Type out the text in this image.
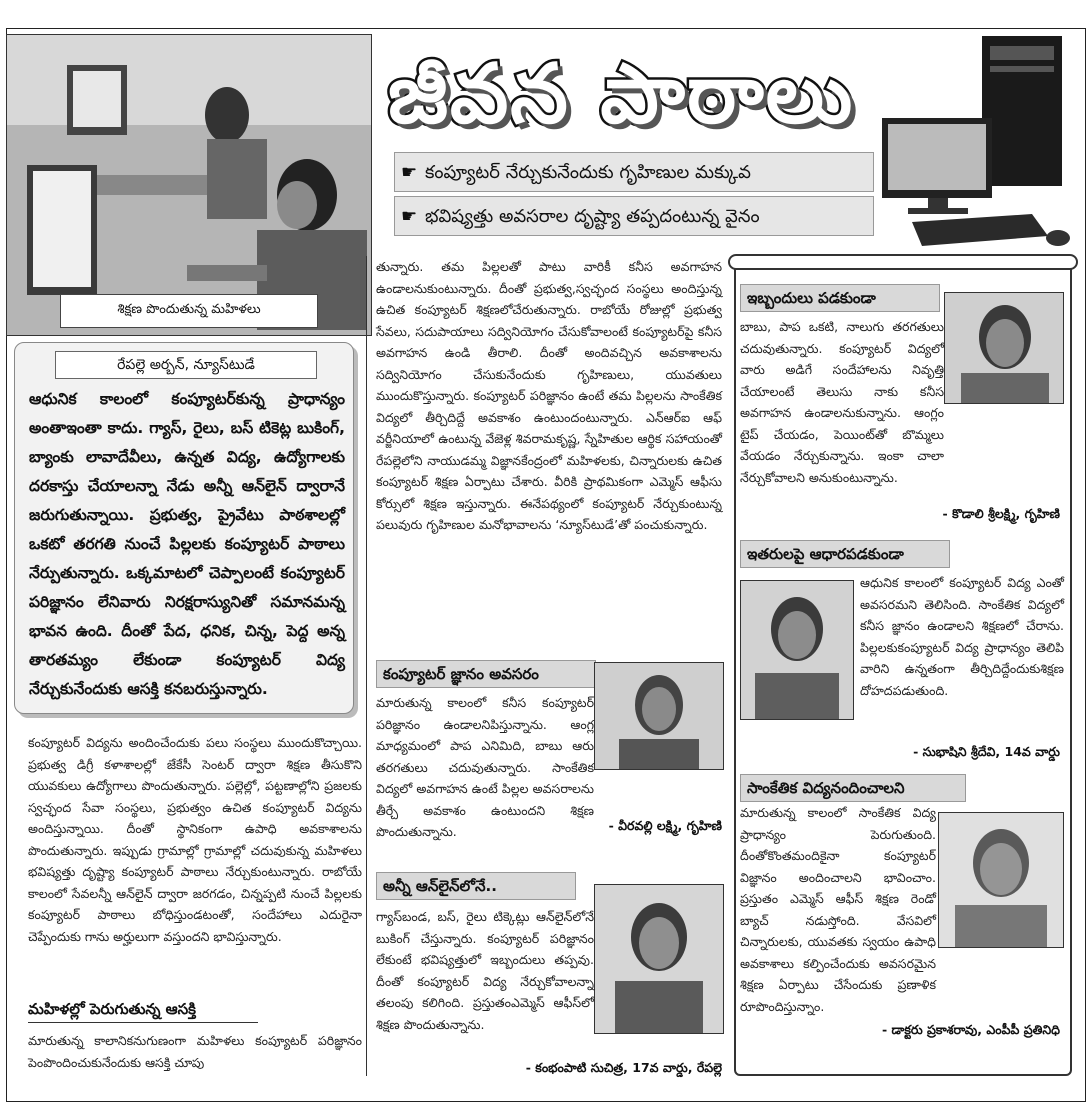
శిక్షణ పొందుతున్న మహిళలు
జీవన పాఠాలు
☛ కంప్యూటర్ నేర్చుకునేందుకు గృహిణుల మక్కువ
☛ భవిష్యత్తు అవసరాల దృష్ట్యా తప్పదంటున్న వైనం
రేపల్లె అర్బన్, న్యూస్‌టుడే

ఆధునిక కాలంలో కంప్యూటర్‌కున్న ప్రాధాన్యం అంతాఇంతా కాదు. గ్యాస్, రైలు, బస్ టికెట్ల బుకింగ్, బ్యాంకు లావాదేవీలు, ఉన్నత విద్య, ఉద్యోగాలకు దరకాస్తు చేయాలన్నా నేడు అన్నీ ఆన్‌లైన్ ద్వారానే జరుగుతున్నాయి. ప్రభుత్వ, ప్రైవేటు పాఠశాలల్లో ఒకటో తరగతి నుంచే పిల్లలకు కంప్యూటర్ పాఠాలు నేర్పుతున్నారు. ఒక్కమాటలో చెప్పాలంటే కంప్యూటర్ పరిజ్ఞానం లేనివారు నిరక్షరాస్యునితో సమానమన్న భావన ఉంది. దీంతో పేద, ధనిక, చిన్న, పెద్ద అన్న తారతమ్యం లేకుండా కంప్యూటర్ విద్య నేర్చుకునేందుకు ఆసక్తి కనబరుస్తున్నారు.

కంప్యూటర్ విద్యను అందించేందుకు పలు సంస్థలు ముందుకొచ్చాయి. ప్రభుత్వ డిగ్రీ కళాశాలల్లో జేకేసీ సెంటర్ ద్వారా శిక్షణ తీసుకొని యువకులు ఉద్యోగాలు పొందుతున్నారు. పల్లెల్లో, పట్టణాల్లోని ప్రజలకు స్వచ్ఛంద సేవా సంస్థలు, ప్రభుత్వం ఉచిత కంప్యూటర్ విద్యను అందిస్తున్నాయి. దీంతో స్థానికంగా ఉపాధి అవకాశాలను పొందుతున్నారు. ఇప్పుడు గ్రామాల్లో గ్రామాల్లో చదువుకున్న మహిళలు భవిష్యత్తు దృష్ట్యా కంప్యూటర్ పాఠాలు నేర్చుకుంటున్నారు. రాబోయే కాలంలో సేవలన్నీ ఆన్‌లైన్ ద్వారా జరగడం, చిన్నప్పటి నుంచే పిల్లలకు కంప్యూటర్ పాఠాలు బోధిస్తుండటంతో, సందేహాలు ఎదురైనా చెప్పేందుకు గాను అర్హులుగా వస్తుందని భావిస్తున్నారు.

మహిళల్లో పెరుగుతున్న ఆసక్తి

మారుతున్న కాలానికనుగుణంగా మహిళలు కంప్యూటర్ పరిజ్ఞానం పెంపొందించుకునేందుకు ఆసక్తి చూపు

తున్నారు. తమ పిల్లలతో పాటు వారికీ కనీస అవగాహన ఉండాలనుకుంటున్నారు. దీంతో ప్రభుత్వ,స్వచ్ఛంద సంస్థలు అందిస్తున్న ఉచిత కంప్యూటర్ శిక్షణలోచేరుతున్నారు. రాబోయే రోజుల్లో ప్రభుత్వ సేవలు, సదుపాయాలు సద్వినియోగం చేసుకోవాలంటే కంప్యూటర్‌పై కనీస అవగాహన ఉండి తీరాలి. దీంతో అందివచ్చిన అవకాశాలను సద్వినియోగం చేసుకునేందుకు గృహిణులు, యువతులు ముందుకొస్తున్నారు. కంప్యూటర్ పరిజ్ఞానం ఉంటే తమ పిల్లలను సాంకేతిక విద్యలో తీర్చిదిద్దే అవకాశం ఉంటుందంటున్నారు. ఎన్ఆర్ఐ ఆఫ్ వర్జీనియాలో ఉంటున్న వేజెళ్ల శివరామకృష్ణ, స్నేహితుల ఆర్థిక సహాయంతో రేపల్లెలోని నాయుడమ్మ విజ్ఞానకేంద్రంలో మహిళలకు, చిన్నారులకు ఉచిత కంప్యూటర్ శిక్షణ ఏర్పాటు చేశారు. వీరికి ప్రాథమికంగా ఎమ్మెస్ ఆఫీసు కోర్సులో శిక్షణ ఇస్తున్నారు. ఈనేపథ్యంలో కంప్యూటర్ నేర్చుకుంటున్న పలువురు గృహిణుల మనోభావాలను ‘న్యూస్‌టుడే’తో పంచుకున్నారు.

కంప్యూటర్ జ్ఞానం అవసరం

మారుతున్న కాలంలో కనీస కంప్యూటర్ పరిజ్ఞానం ఉండాలనిపిస్తున్నాను. ఆంగ్ల మాధ్యమంలో పాప ఎనిమిది, బాబు ఆరు తరగతులు చదువుతున్నారు. సాంకేతిక విద్యలో అవగాహన ఉంటే పిల్లల అవసరాలను తీర్చే అవకాశం ఉంటుందని శిక్షణ పొందుతున్నాను.	- వీరవల్లి లక్ష్మి, గృహిణి
అన్నీ ఆన్‌లైన్‌లోనే..

గ్యాస్‌బండ, బస్, రైలు టిక్కెట్లు ఆన్‌లైన్‌లోనే బుకింగ్ చేస్తున్నారు. కంప్యూటర్ పరిజ్ఞానం లేకుంటే భవిష్యత్తులో ఇబ్బందులు తప్పవు. దీంతో కంప్యూటర్ విద్య నేర్చుకోవాలన్నా తలంపు కలిగింది. ప్రస్తుతంఎమ్మెస్ ఆఫీస్‌లో శిక్షణ పొందుతున్నాను.

- కంభంపాటి సుచిత్ర, 17వ వార్డు, రేపల్లె
ఇబ్బందులు పడకుండా

బాబు, పాప ఒకటి, నాలుగు తరగతులు చదువుతున్నారు. కంప్యూటర్ విద్యలో వారు అడిగే సందేహాలను నివృత్తి చేయాలంటే తెలుసు నాకు కనీస అవగాహన ఉండాలనుకున్నాను. ఆంగ్లం టైప్ చేయడం, పెయింట్‌తో బొమ్మలు వేయడం నేర్చుకున్నాను. ఇంకా చాలా నేర్చుకోవాలని అనుకుంటున్నాను.

- కొడాలి శ్రీలక్ష్మి, గృహిణి
ఇతరులపై ఆధారపడకుండా

ఆధునిక కాలంలో కంప్యూటర్ విద్య ఎంతో అవసరమని తెలిసింది. సాంకేతిక విద్యలో కనీస జ్ఞానం ఉండాలని శిక్షణలో చేరాను. పిల్లలకుకంప్యూటర్ విద్య ప్రాధాన్యం తెలిపి వారిని ఉన్నతంగా తీర్చిదిద్దేందుకుశిక్షణ దోహదపడుతుంది.

- సుభాషిని శ్రీదేవి, 14వ వార్డు
సాంకేతిక విద్యనందించాలని

మారుతున్న కాలంలో సాంకేతిక విద్య ప్రాధాన్యం పెరుగుతుంది. దీంతోకొంతమందికైనా కంప్యూటర్ విజ్ఞానం అందించాలని భావించాం. ప్రస్తుతం ఎమ్మెస్ ఆఫీస్ శిక్షణ రెండో బ్యాచ్ నడుస్తోంది. వేసవిలో చిన్నారులకు, యువతకు స్వయం ఉపాధి అవకాశాలు కల్పించేందుకు అవసరమైన శిక్షణ ఏర్పాటు చేసేందుకు ప్రణాళిక రూపొందిస్తున్నాం.

- డాక్టరు ప్రకాశరావు, ఎంపీపీ ప్రతినిధి
